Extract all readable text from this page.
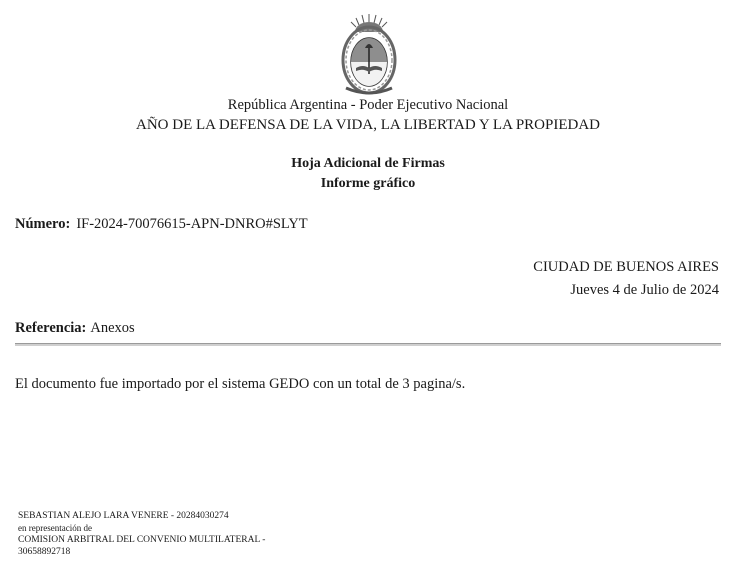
República Argentina - Poder Ejecutivo Nacional
AÑO DE LA DEFENSA DE LA VIDA, LA LIBERTAD Y LA PROPIEDAD
Hoja Adicional de Firmas
Informe gráfico
Número: IF-2024-70076615-APN-DNRO#SLYT
CIUDAD DE BUENOS AIRES
Jueves 4 de Julio de 2024
Referencia: Anexos
El documento fue importado por el sistema GEDO con un total de 3 pagina/s.
SEBASTIAN ALEJO LARA VENERE - 20284030274
en representación de
COMISION ARBITRAL DEL CONVENIO MULTILATERAL -
30658892718
